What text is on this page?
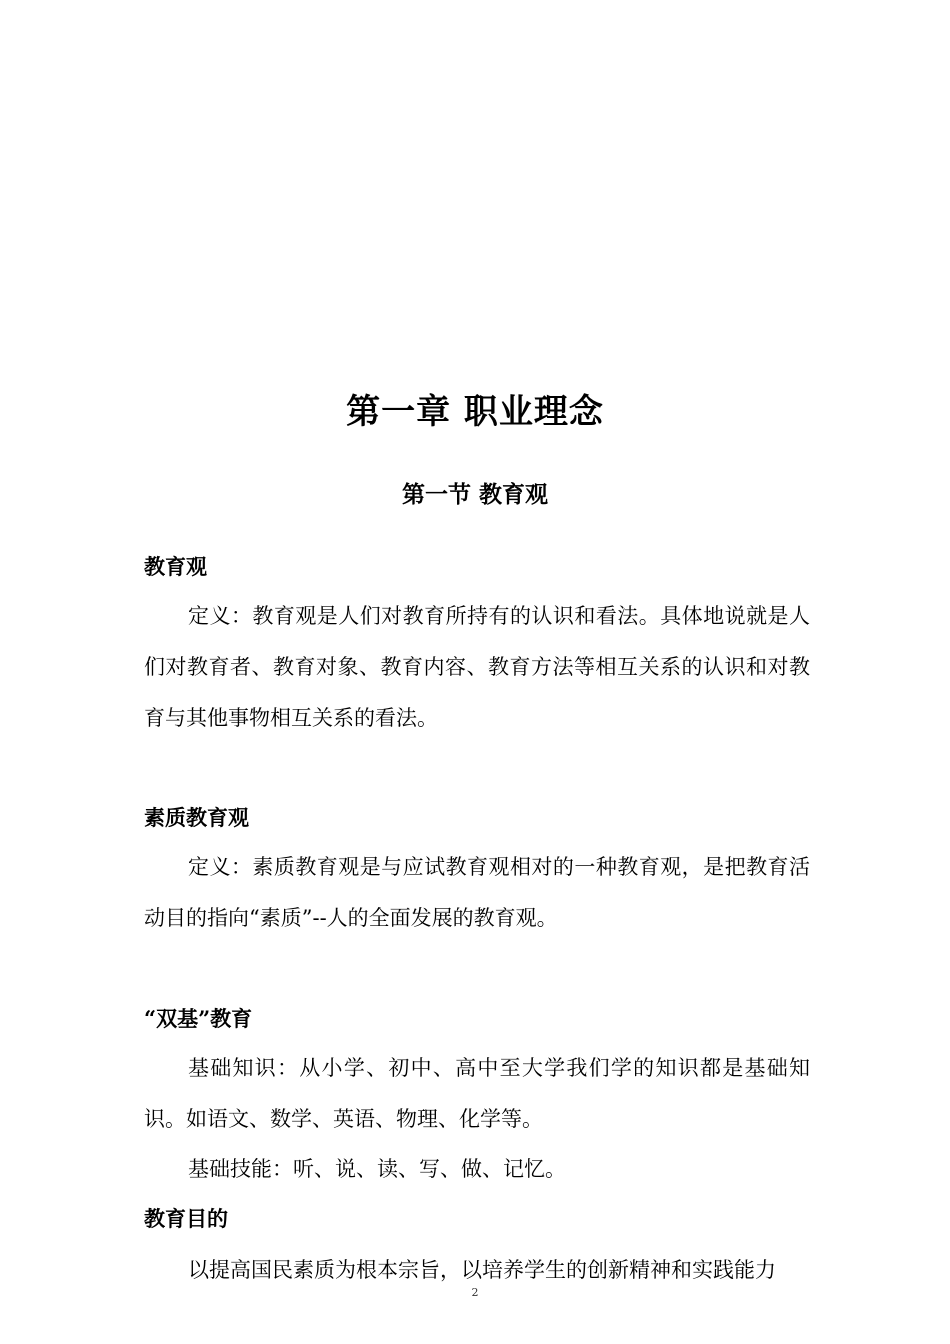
第一章 职业理念
第一节 教育观
教育观
定义：教育观是人们对教育所持有的认识和看法。具体地说就是人们对教育者、教育对象、教育内容、教育方法等相互关系的认识和对教育与其他事物相互关系的看法。
素质教育观
定义：素质教育观是与应试教育观相对的一种教育观，是把教育活动目的指向“素质”--人的全面发展的教育观。
“双基”教育
基础知识：从小学、初中、高中至大学我们学的知识都是基础知识。如语文、数学、英语、物理、化学等。
基础技能：听、说、读、写、做、记忆。
教育目的
以提高国民素质为根本宗旨，以培养学生的创新精神和实践能力
2
